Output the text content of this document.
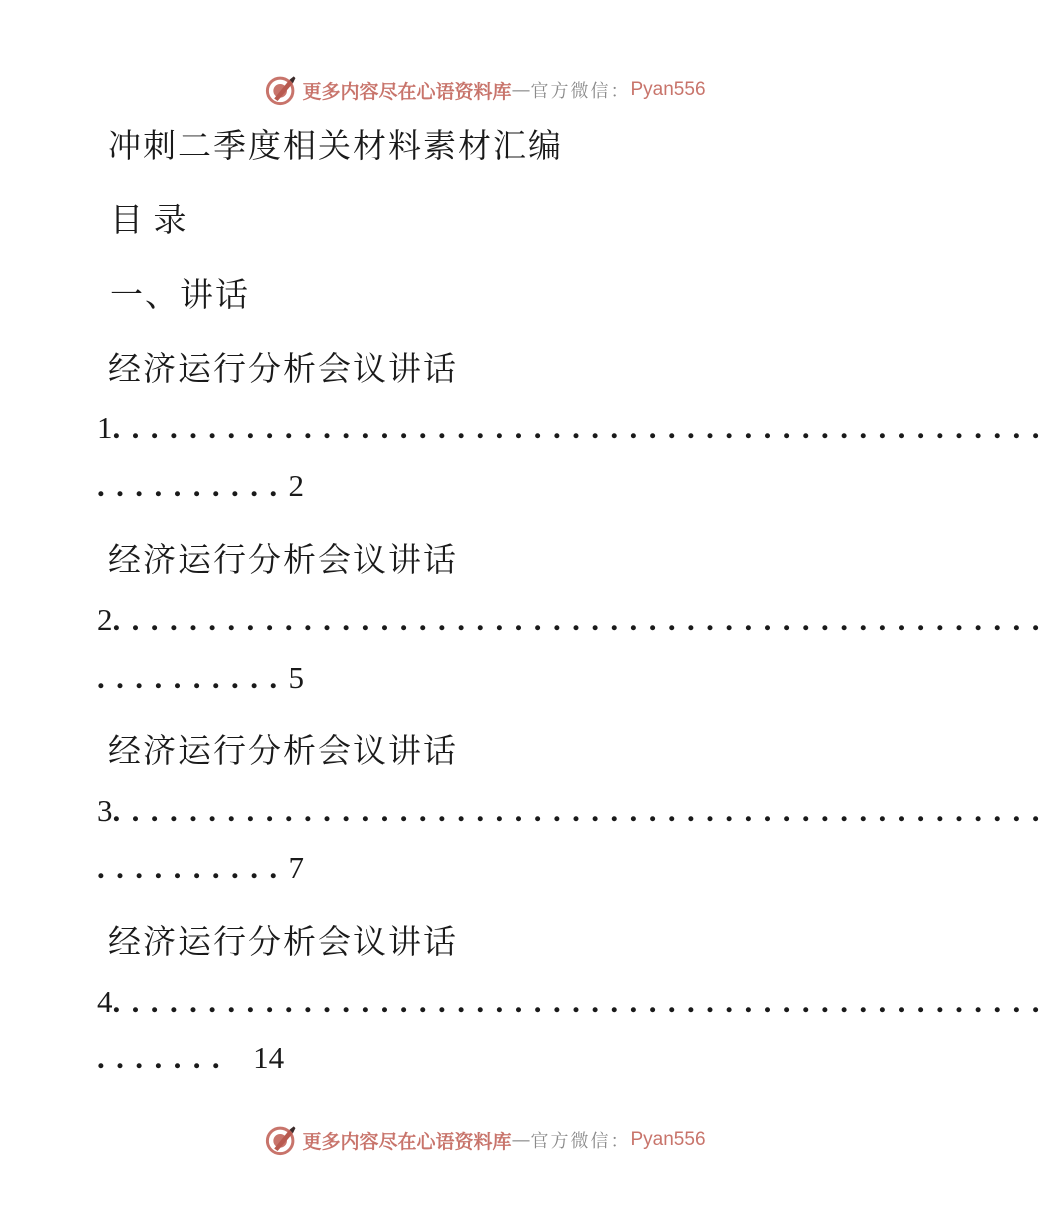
更多内容尽在心语资料库 — 官方微信： Pyan556
冲刺二季度相关材料素材汇编
目 录
一、讲话
经济运行分析会议讲话
1.................................................
..........2
经济运行分析会议讲话
2.................................................
..........5
经济运行分析会议讲话
3.................................................
..........7
经济运行分析会议讲话
4.................................................
....... 14
更多内容尽在心语资料库 — 官方微信： Pyan556
